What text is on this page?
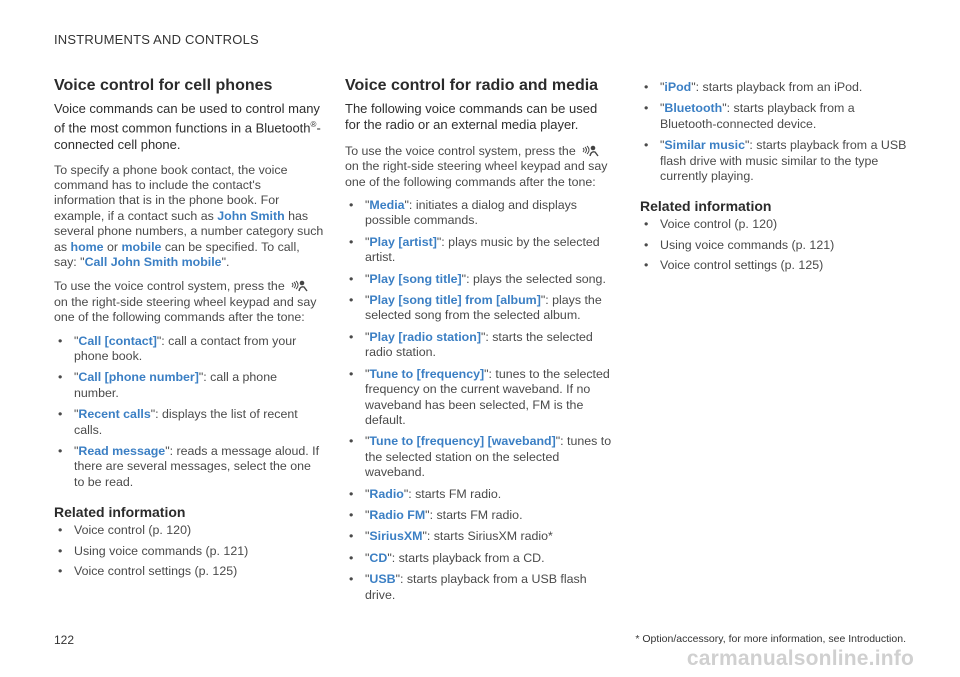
INSTRUMENTS AND CONTROLS
Voice control for cell phones
Voice commands can be used to control many of the most common functions in a Bluetooth®-connected cell phone.

To specify a phone book contact, the voice command has to include the contact's information that is in the phone book. For example, if a contact such as John Smith has several phone numbers, a number category such as home or mobile can be specified. To call, say: "Call John Smith mobile".

To use the voice control system, press the
on the right-side steering wheel keypad and say one of the following commands after the tone:

• "Call [contact]": call a contact from your phone book.
• "Call [phone number]": call a phone number.
• "Recent calls": displays the list of recent calls.
• "Read message": reads a message aloud. If there are several messages, select the one to be read.
Related information
• Voice control (p. 120)
• Using voice commands (p. 121)
• Voice control settings (p. 125)
Voice control for radio and media
The following voice commands can be used for the radio or an external media player.

To use the voice control system, press the
on the right-side steering wheel keypad and say one of the following commands after the tone:

• "Media": initiates a dialog and displays possible commands.
• "Play [artist]": plays music by the selected artist.
• "Play [song title]": plays the selected song.
• "Play [song title] from [album]": plays the selected song from the selected album.
• "Play [radio station]": starts the selected radio station.
• "Tune to [frequency]": tunes to the selected frequency on the current waveband. If no waveband has been selected, FM is the default.
• "Tune to [frequency] [waveband]": tunes to the selected station on the selected waveband.
• "Radio": starts FM radio.
• "Radio FM": starts FM radio.
• "SiriusXM": starts SiriusXM radio*
• "CD": starts playback from a CD.
• "USB": starts playback from a USB flash drive.
• "iPod": starts playback from an iPod.
• "Bluetooth": starts playback from a Bluetooth-connected device.
• "Similar music": starts playback from a USB flash drive with music similar to the type currently playing.
Related information
• Voice control (p. 120)
• Using voice commands (p. 121)
• Voice control settings (p. 125)
122	* Option/accessory, for more information, see Introduction.
carmanualsonline.info
